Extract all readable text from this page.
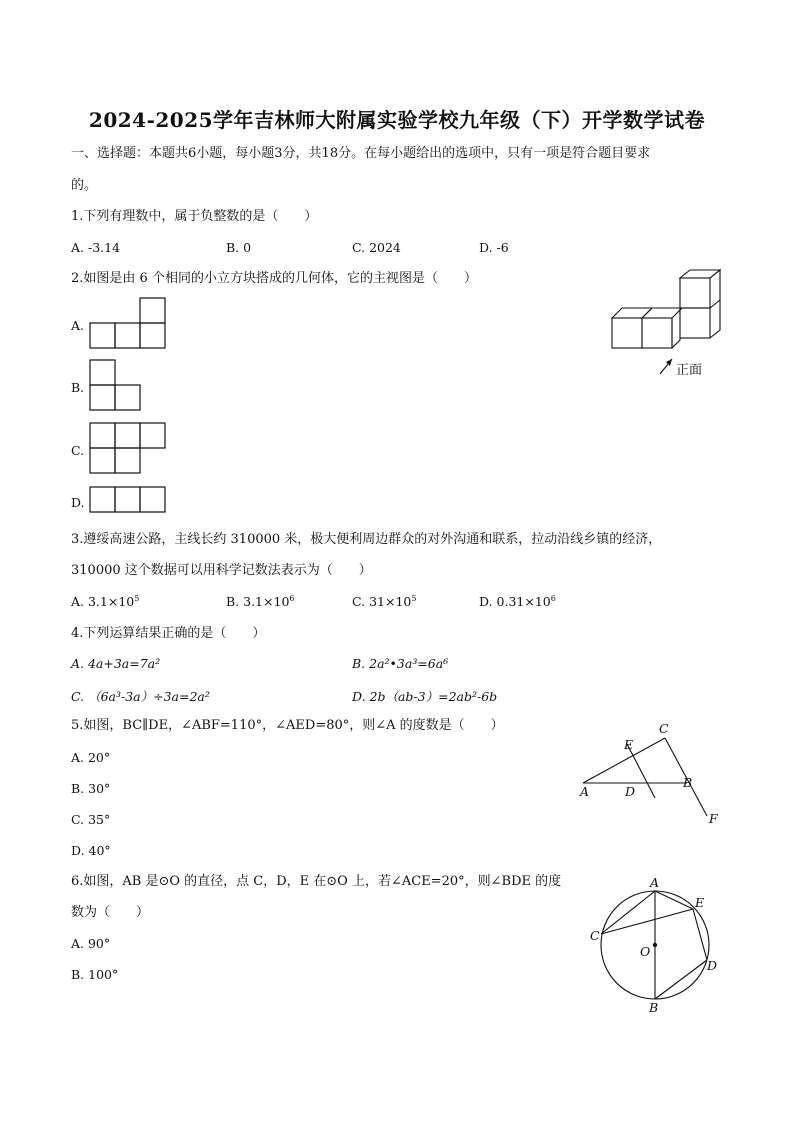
2024-2025学年吉林师大附属实验学校九年级（下）开学数学试卷
一、选择题：本题共6小题，每小题3分，共18分。在每小题给出的选项中，只有一项是符合题目要求
的。
1.下列有理数中，属于负整数的是（　　）
A. -3.14	B. 0	C. 2024	D. -6
2.如图是由 6 个相同的小立方块搭成的几何体，它的主视图是（　　）
A.
B.
C.
D.
正面
3.遵绥高速公路，主线长约 310000 米，极大便利周边群众的对外沟通和联系，拉动沿线乡镇的经济，
310000 这个数据可以用科学记数法表示为（　　）
A. $3.1\times 10^5$	B. $3.1\times 10^6$	C. $31\times 10^5$	D. $0.31\times 10^6$
4.下列运算结果正确的是（　　）
A. 4a+3a=7a²	B. 2a²•3a³=6a⁶
C. （6a³-3a）÷3a=2a²	D. 2b（ab-3）=2ab²-6b
5.如图，BC∥DE，∠ABF=110°，∠AED=80°，则∠A 的度数是（　　）
A. 20°
B. 30°
C. 35°
D. 40°
A
B
C
D
E
F
6.如图，AB 是⊙O 的直径，点 C，D，E 在⊙O 上，若∠ACE=20°，则∠BDE 的度
数为（　　）
A. 90°
B. 100°
A
B
C
D
E
O
